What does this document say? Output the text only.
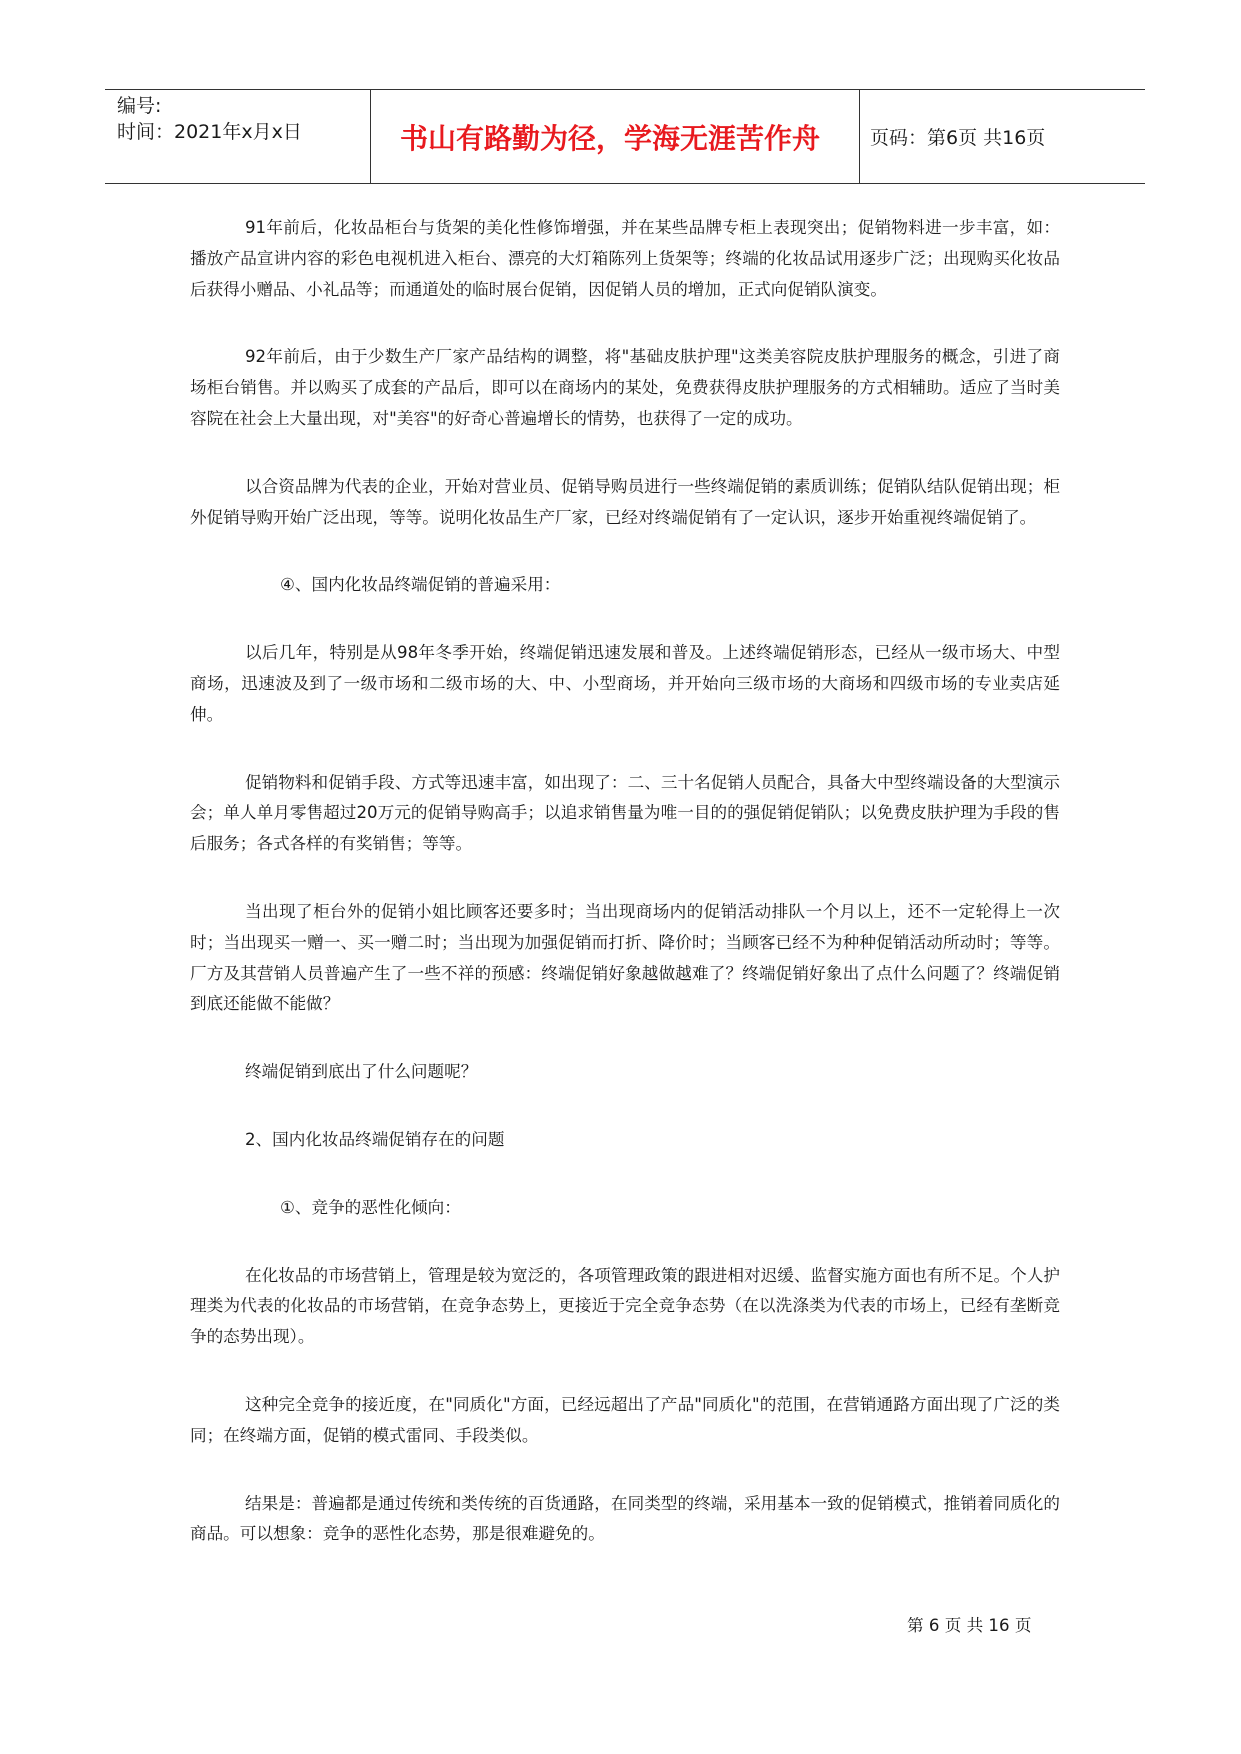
编号:
时间：2021年x月x日	书山有路勤为径，学海无涯苦作舟	页码：第6页 共16页

91年前后，化妆品柜台与货架的美化性修饰增强，并在某些品牌专柜上表现突出；促销物料进一步丰富，如：播放产品宣讲内容的彩色电视机进入柜台、漂亮的大灯箱陈列上货架等；终端的化妆品试用逐步广泛；出现购买化妆品后获得小赠品、小礼品等；而通道处的临时展台促销，因促销人员的增加，正式向促销队演变。

92年前后，由于少数生产厂家产品结构的调整，将"基础皮肤护理"这类美容院皮肤护理服务的概念，引进了商场柜台销售。并以购买了成套的产品后，即可以在商场内的某处，免费获得皮肤护理服务的方式相辅助。适应了当时美容院在社会上大量出现，对"美容"的好奇心普遍增长的情势，也获得了一定的成功。

以合资品牌为代表的企业，开始对营业员、促销导购员进行一些终端促销的素质训练；促销队结队促销出现；柜外促销导购开始广泛出现，等等。说明化妆品生产厂家，已经对终端促销有了一定认识，逐步开始重视终端促销了。

④、国内化妆品终端促销的普遍采用：

以后几年，特别是从98年冬季开始，终端促销迅速发展和普及。上述终端促销形态，已经从一级市场大、中型商场，迅速波及到了一级市场和二级市场的大、中、小型商场，并开始向三级市场的大商场和四级市场的专业卖店延伸。

促销物料和促销手段、方式等迅速丰富，如出现了：二、三十名促销人员配合，具备大中型终端设备的大型演示会；单人单月零售超过20万元的促销导购高手；以追求销售量为唯一目的的强促销促销队；以免费皮肤护理为手段的售后服务；各式各样的有奖销售；等等。

当出现了柜台外的促销小姐比顾客还要多时；当出现商场内的促销活动排队一个月以上，还不一定轮得上一次时；当出现买一赠一、买一赠二时；当出现为加强促销而打折、降价时；当顾客已经不为种种促销活动所动时；等等。厂方及其营销人员普遍产生了一些不祥的预感：终端促销好象越做越难了？终端促销好象出了点什么问题了？终端促销到底还能做不能做？

终端促销到底出了什么问题呢？

2、国内化妆品终端促销存在的问题

①、竞争的恶性化倾向：

在化妆品的市场营销上，管理是较为宽泛的，各项管理政策的跟进相对迟缓、监督实施方面也有所不足。个人护理类为代表的化妆品的市场营销，在竞争态势上，更接近于完全竞争态势（在以洗涤类为代表的市场上，已经有垄断竞争的态势出现）。

这种完全竞争的接近度，在"同质化"方面，已经远超出了产品"同质化"的范围，在营销通路方面出现了广泛的类同；在终端方面，促销的模式雷同、手段类似。

结果是：普遍都是通过传统和类传统的百货通路，在同类型的终端，采用基本一致的促销模式，推销着同质化的商品。可以想象：竞争的恶性化态势，那是很难避免的。

第 6 页 共 16 页
